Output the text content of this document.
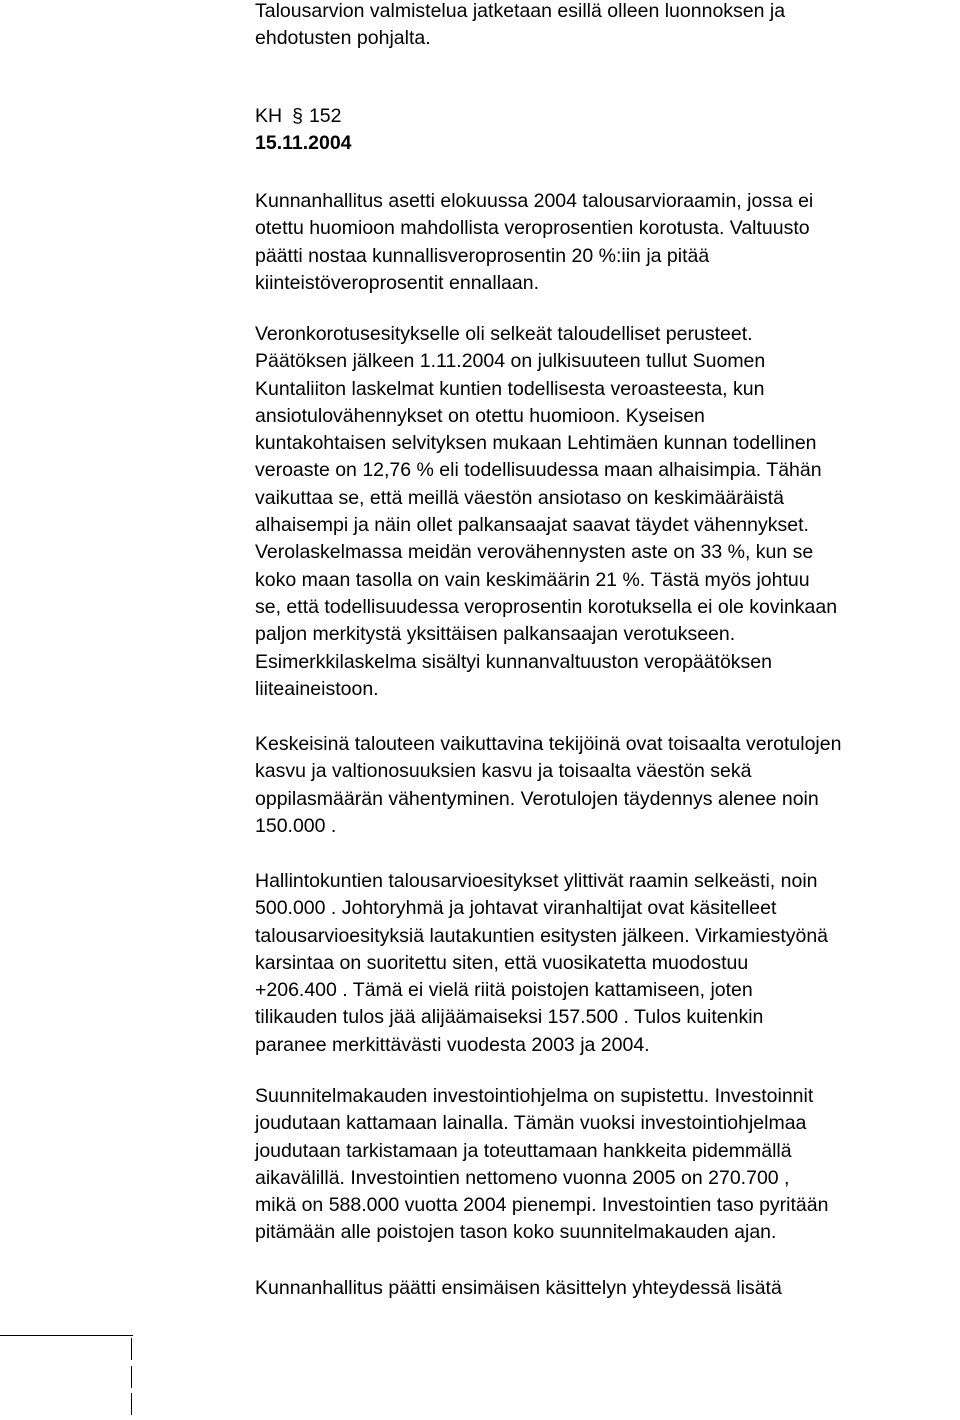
Talousarvion valmistelua jatketaan esillä olleen luonnoksen ja
ehdotusten pohjalta.

KH § 152
15.11.2004

Kunnanhallitus asetti elokuussa 2004 talousarvioraamin, jossa ei
otettu huomioon mahdollista veroprosentien korotusta. Valtuusto
päätti nostaa kunnallisveroprosentin 20 %:iin ja pitää
kiinteistöveroprosentit ennallaan.

Veronkorotusesitykselle oli selkeät taloudelliset perusteet.
Päätöksen jälkeen 1.11.2004 on julkisuuteen tullut Suomen
Kuntaliiton laskelmat kuntien todellisesta veroasteesta, kun
ansiotulovähennykset on otettu huomioon. Kyseisen
kuntakohtaisen selvityksen mukaan Lehtimäen kunnan todellinen
veroaste on 12,76 % eli todellisuudessa maan alhaisimpia. Tähän
vaikuttaa se, että meillä väestön ansiotaso on keskimääräistä
alhaisempi ja näin ollet palkansaajat saavat täydet vähennykset.
Verolaskelmassa meidän verovähennysten aste on 33 %, kun se
koko maan tasolla on vain keskimäärin 21 %. Tästä myös johtuu
se, että todellisuudessa veroprosentin korotuksella ei ole kovinkaan
paljon merkitystä yksittäisen palkansaajan verotukseen.
Esimerkkilaskelma sisältyi kunnanvaltuuston veropäätöksen
liiteaineistoon.

Keskeisinä talouteen vaikuttavina tekijöinä ovat toisaalta verotulojen
kasvu ja valtionosuuksien kasvu ja toisaalta väestön sekä
oppilasmäärän vähentyminen. Verotulojen täydennys alenee noin
150.000 .

Hallintokuntien talousarvioesitykset ylittivät raamin selkeästi, noin
500.000 . Johtoryhmä ja johtavat viranhaltijat ovat käsitelleet
talousarvioesityksiä lautakuntien esitysten jälkeen. Virkamiestyönä
karsintaa on suoritettu siten, että vuosikatetta muodostuu
+206.400 . Tämä ei vielä riitä poistojen kattamiseen, joten
tilikauden tulos jää alijäämaiseksi 157.500 . Tulos kuitenkin
paranee merkittävästi vuodesta 2003 ja 2004.

Suunnitelmakauden investointiohjelma on supistettu. Investoinnit
joudutaan kattamaan lainalla. Tämän vuoksi investointiohjelmaa
joudutaan tarkistamaan ja toteuttamaan hankkeita pidemmällä
aikavälillä. Investointien nettomeno vuonna 2005 on 270.700 ,
mikä on 588.000 vuotta 2004 pienempi. Investointien taso pyritään
pitämään alle poistojen tason koko suunnitelmakauden ajan.

Kunnanhallitus päätti ensimäisen käsittelyn yhteydessä lisätä
